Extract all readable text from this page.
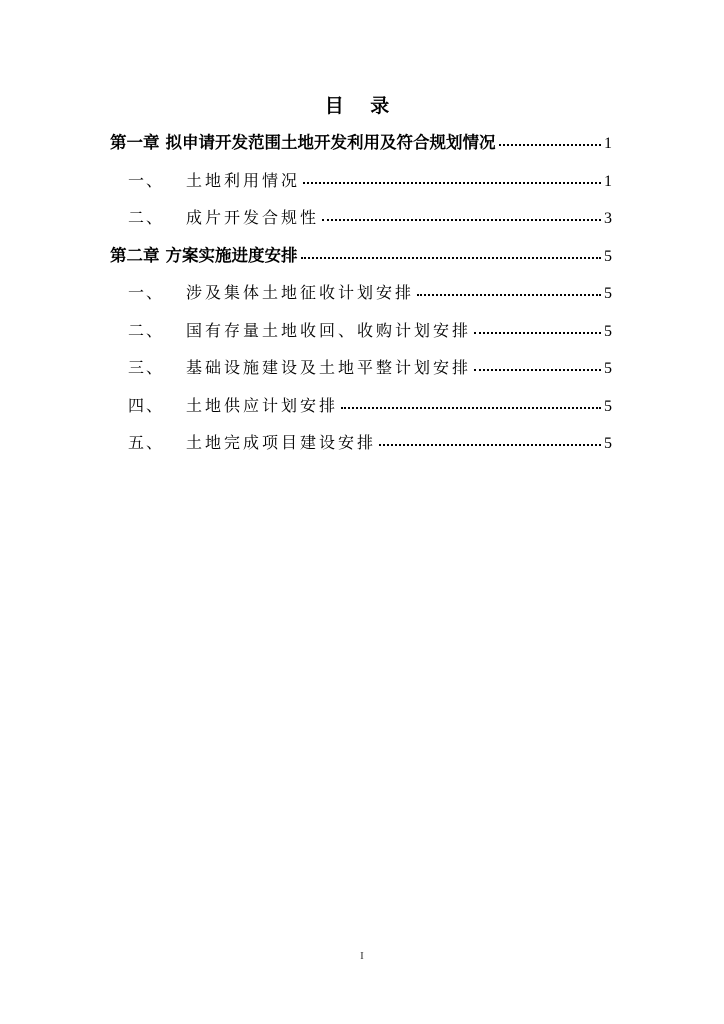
目 录
第一章 拟申请开发范围土地开发利用及符合规划情况	1
一、	土地利用情况	1
二、	成片开发合规性	3
第二章 方案实施进度安排	5
一、	涉及集体土地征收计划安排	5
二、	国有存量土地收回、收购计划安排	5
三、	基础设施建设及土地平整计划安排	5
四、	土地供应计划安排	5
五、	土地完成项目建设安排	5
I
